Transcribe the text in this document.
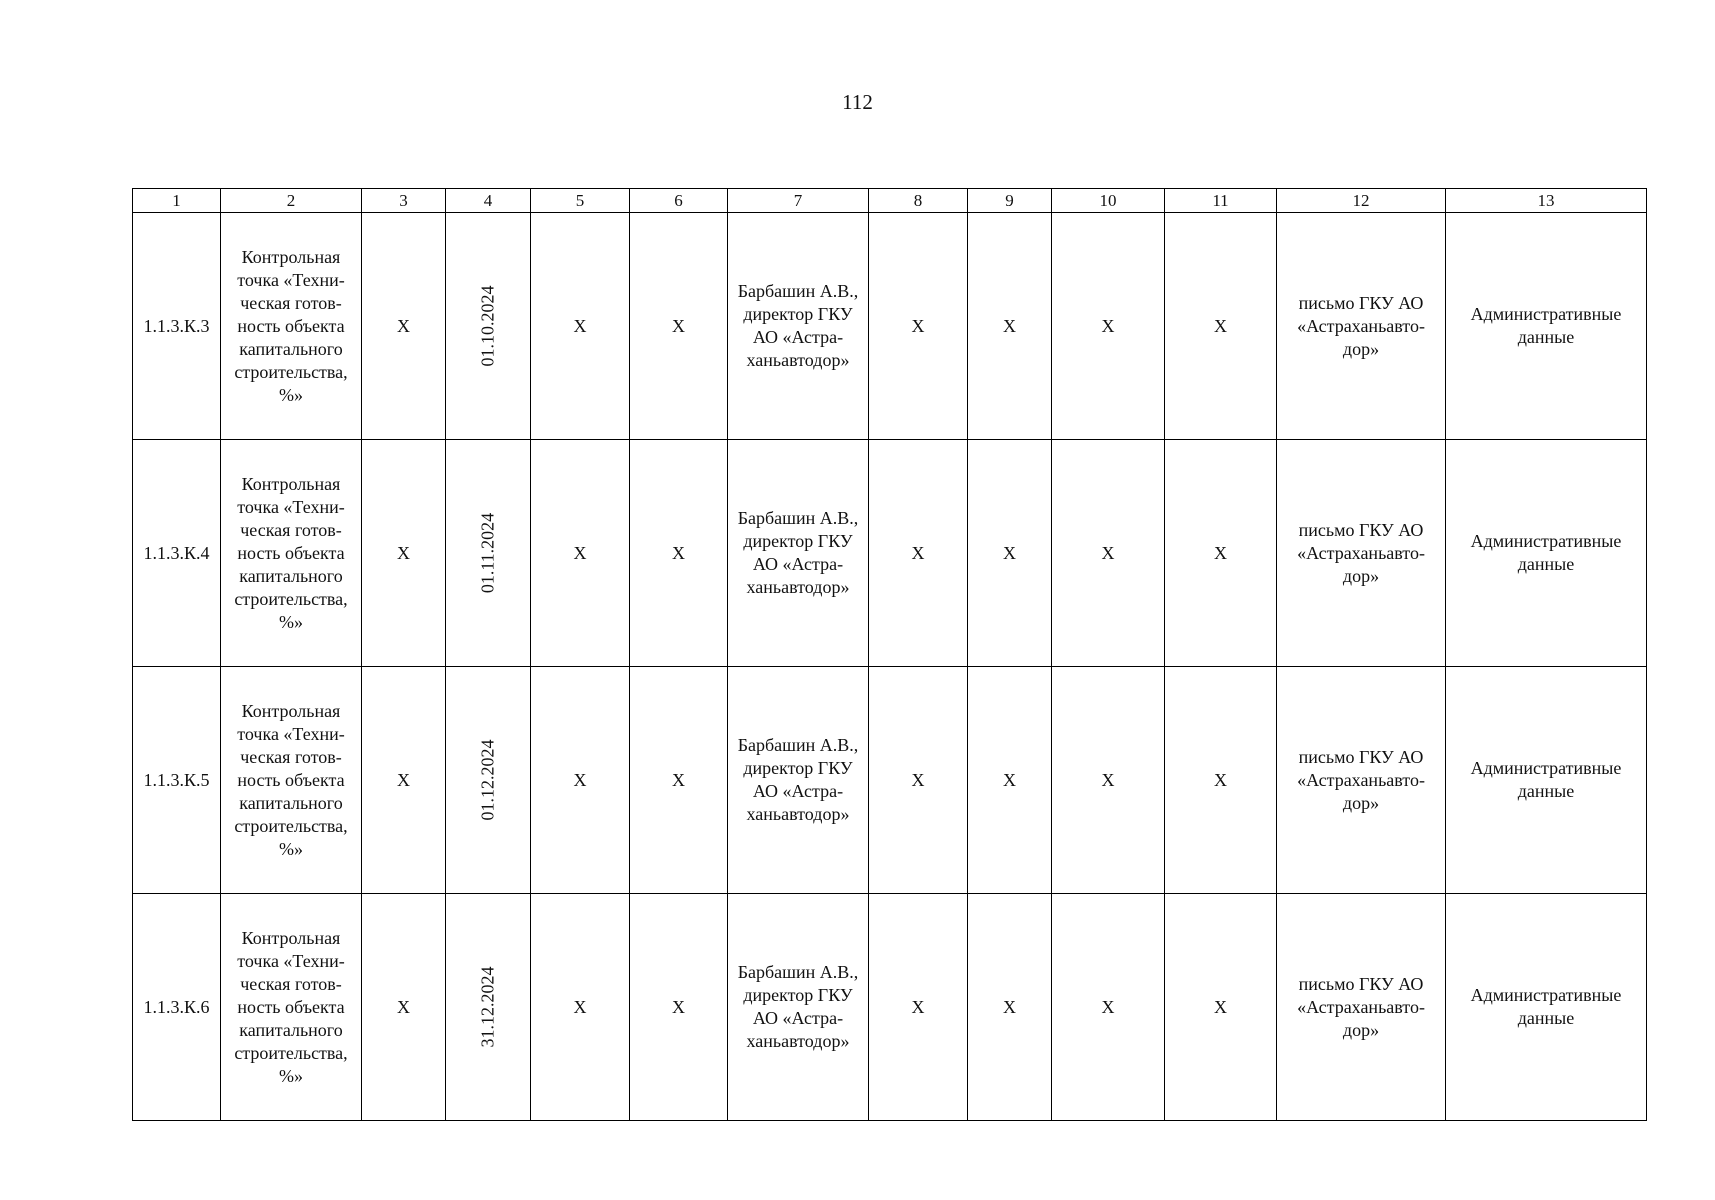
112
1	2	3	4	5	6	7	8	9	10	11	12	13
1.1.3.К.3	Контрольная точка «Техни-ческая готов-ность объекта капитального строительства, %»	Х	01.10.2024	Х	Х	Барбашин А.В., директор ГКУ АО «Астра-ханьавтодор»	Х	Х	Х	Х	письмо ГКУ АО «Астраханьавто-дор»	Административные данные

1.1.3.К.4	Контрольная точка «Техни-ческая готов-ность объекта капитального строительства, %»	Х	01.11.2024	Х	Х	Барбашин А.В., директор ГКУ АО «Астра-ханьавтодор»	Х	Х	Х	Х	письмо ГКУ АО «Астраханьавто-дор»	Административные данные

1.1.3.К.5	Контрольная точка «Техни-ческая готов-ность объекта капитального строительства, %»	Х	01.12.2024	Х	Х	Барбашин А.В., директор ГКУ АО «Астра-ханьавтодор»	Х	Х	Х	Х	письмо ГКУ АО «Астраханьавто-дор»	Административные данные

1.1.3.К.6	Контрольная точка «Техни-ческая готов-ность объекта капитального строительства, %»	Х	31.12.2024	Х	Х	Барбашин А.В., директор ГКУ АО «Астра-ханьавтодор»	Х	Х	Х	Х	письмо ГКУ АО «Астраханьавто-дор»	Административные данные
